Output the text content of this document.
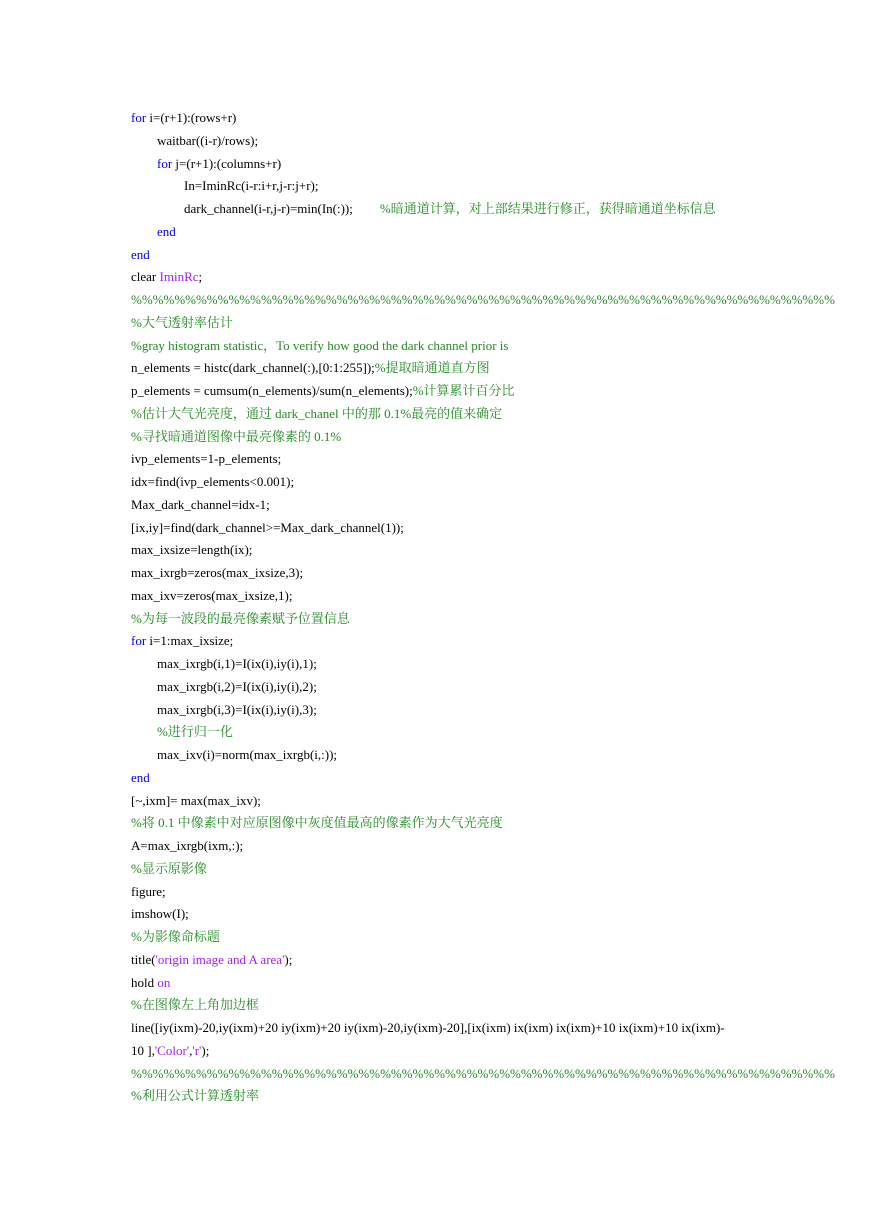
for i=(r+1):(rows+r)
waitbar((i-r)/rows);
for j=(r+1):(columns+r)
In=IminRc(i-r:i+r,j-r:j+r);
dark_channel(i-r,j-r)=min(In(:)); %暗通道计算，对上部结果进行修正，获得暗通道坐标信息
end
end
clear IminRc;
%%%%%%%%%%%%%%%%%%%%%%%%%%%%%%%%%%%%%%%%%%%%%%%%%%%%%%%%%%%%%%%%%
%大气透射率估计
%gray histogram statistic，To verify how good the dark channel prior is
n_elements = histc(dark_channel(:),[0:1:255]);%提取暗通道直方图
p_elements = cumsum(n_elements)/sum(n_elements);%计算累计百分比
%估计大气光亮度，通过 dark_chanel 中的那 0.1%最亮的值来确定
%寻找暗通道图像中最亮像素的 0.1%
ivp_elements=1-p_elements;
idx=find(ivp_elements<0.001);
Max_dark_channel=idx-1;
[ix,iy]=find(dark_channel>=Max_dark_channel(1));
max_ixsize=length(ix);
max_ixrgb=zeros(max_ixsize,3);
max_ixv=zeros(max_ixsize,1);
%为每一波段的最亮像素赋予位置信息
for i=1:max_ixsize;
max_ixrgb(i,1)=I(ix(i),iy(i),1);
max_ixrgb(i,2)=I(ix(i),iy(i),2);
max_ixrgb(i,3)=I(ix(i),iy(i),3);
%进行归一化
max_ixv(i)=norm(max_ixrgb(i,:));
end
[~,ixm]= max(max_ixv);
%将 0.1 中像素中对应原图像中灰度值最高的像素作为大气光亮度
A=max_ixrgb(ixm,:);
%显示原影像
figure;
imshow(I);
%为影像命标题
title('origin image and A area');
hold on
%在图像左上角加边框
line([iy(ixm)-20,iy(ixm)+20 iy(ixm)+20 iy(ixm)-20,iy(ixm)-20],[ix(ixm) ix(ixm) ix(ixm)+10 ix(ixm)+10 ix(ixm)-
10 ],'Color','r');
%%%%%%%%%%%%%%%%%%%%%%%%%%%%%%%%%%%%%%%%%%%%%%%%%%%%%%%%%%%%%%%%%
%利用公式计算透射率
